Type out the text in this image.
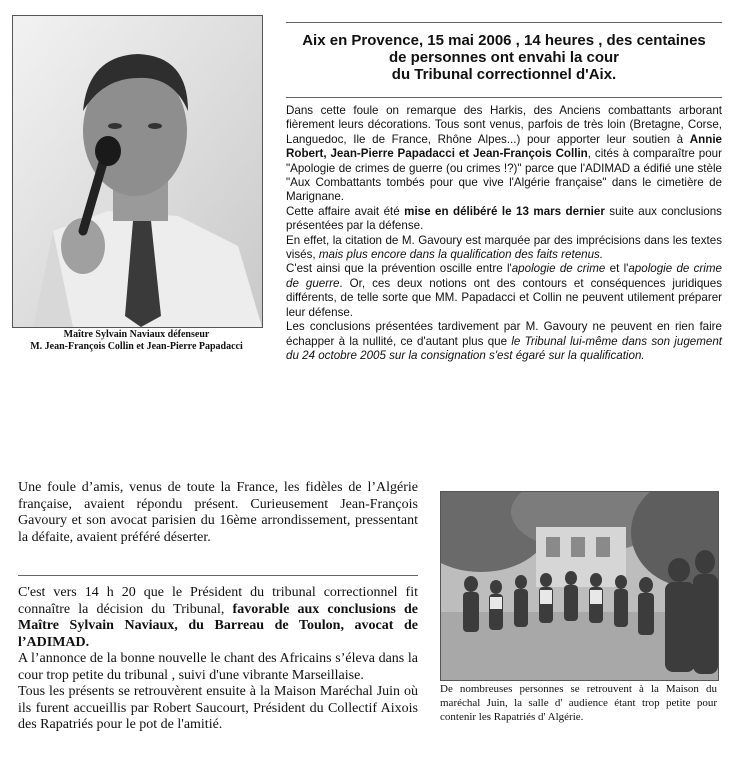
Maître Sylvain Naviaux défenseur
M. Jean-François Collin et Jean-Pierre Papadacci
Aix en Provence, 15 mai 2006 , 14 heures , des centaines
de personnes ont envahi la cour
du Tribunal correctionnel d'Aix.

Dans cette foule on remarque des Harkis, des Anciens combattants arborant fièrement leurs décorations. Tous sont venus, parfois de très loin (Bretagne, Corse, Languedoc, Ile de France, Rhône Alpes...) pour apporter leur soutien à Annie Robert, Jean-Pierre Papadacci et Jean-François Collin, cités à comparaître pour "Apologie de crimes de guerre (ou crimes !?)" parce que l'ADIMAD a édifié une stèle "Aux Combattants tombés pour que vive l'Algérie française" dans le cimetière de Marignane.

Cette affaire avait été mise en délibéré le 13 mars dernier suite aux conclusions présentées par la défense.

En effet, la citation de M. Gavoury est marquée par des imprécisions dans les textes visés, mais plus encore dans la qualification des faits retenus.

C'est ainsi que la prévention oscille entre l'apologie de crime et l'apologie de crime de guerre. Or, ces deux notions ont des contours et conséquences juridiques différents, de telle sorte que MM. Papadacci et Collin ne peuvent utilement préparer leur défense.

Les conclusions présentées tardivement par M. Gavoury ne peuvent en rien faire échapper à la nullité, ce d'autant plus que le Tribunal lui-même dans son jugement du 24 octobre 2005 sur la consignation s'est égaré sur la qualification.

Une foule d’amis, venus de toute la France, les fidèles de l’Algérie française, avaient répondu présent. Curieusement Jean-François Gavoury et son avocat parisien du 16ème arrondissement, pressentant la défaite, avaient préféré déserter.

C'est vers 14 h 20 que le Président du tribunal correctionnel fit connaître la décision du Tribunal, favorable aux conclusions de Maître Sylvain Naviaux, du Barreau de Toulon, avocat de l’ADIMAD.

A l’annonce de la bonne nouvelle le chant des Africains s’éleva dans la cour trop petite du tribunal , suivi d'une vibrante Marseillaise.

Tous les présents se retrouvèrent ensuite à la Maison Maréchal Juin où ils furent accueillis par Robert Saucourt, Président du Collectif Aixois des Rapatriés pour le pot de l'amitié.

De nombreuses personnes se retrouvent à la Maison du maréchal Juin, la salle d' audience étant trop petite pour contenir les Rapatriés d' Algérie.
